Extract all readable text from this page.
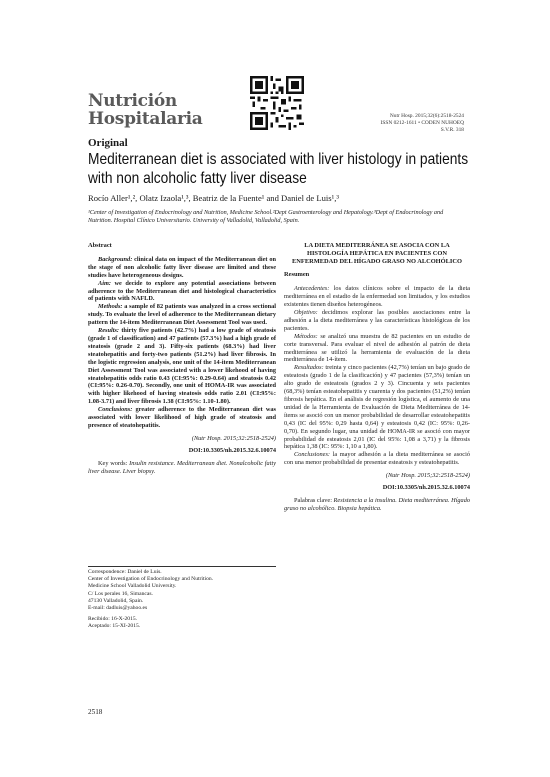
Nutrición
Hospitalaria	Nutr Hosp. 2015;32(6):2518-2524
ISSN 0212-1611 • CODEN NUHOEQ
S.V.R. 318
Original
Mediterranean diet is associated with liver histology in patients with non alcoholic fatty liver disease
Rocío Aller¹,², Olatz Izaola¹,³, Beatriz de la Fuente¹ and Daniel de Luis¹,³
¹Center of Investigation of Endocrinology and Nutrition, Medicine School.²Dept Gastroenterology and Hepatology.³Dept of Endocrinology and Nutrition. Hospital Clínico Universitario. University of Valladolid, Valladolid, Spain.

Abstract

Background: clinical data on impact of the Mediterranean diet on the stage of non alcoholic fatty liver disease are limited and these studies have heterogeneous designs.

Aim: we decide to explore any potential associations between adherence to the Mediterranean diet and histological characteristics of patients with NAFLD.

Methods: a sample of 82 patients was analyzed in a cross sectional study. To evaluate the level of adherence to the Mediterranean dietary pattern the 14-item Mediterranean Diet Assessment Tool was used.

Results: thirty five patients (42.7%) had a low grade of steatosis (grade 1 of classification) and 47 patients (57.3%) had a high grade of steatosis (grade 2 and 3). Fifty-six patients (68.3%) had liver steatohepatitis and forty-two patients (51.2%) had liver fibrosis. In the logistic regression analysis, one unit of the 14-item Mediterranean Diet Assessment Tool was associated with a lower likehood of having steatohepatitis odds ratio 0.43 (CI:95%: 0.29-0.64) and steatosis 0.42 (CI:95%: 0.26-0.70). Secondly, one unit of HOMA-IR was associated with higher likehood of having steatosis odds ratio 2.01 (CI:95%: 1.08-3.71) and liver fibrosis 1.38 (CI:95%: 1.10-1.80).

Conclusions: greater adherence to the Mediterranean diet was associated with lower likelihood of high grade of steatosis and presence of steatohepatitis.

(Nutr Hosp. 2015;32:2518-2524)

DOI:10.3305/nh.2015.32.6.10074

Key words: Insulin resistance. Mediterranean diet. Nonalcoholic fatty liver disease. Liver biopsy.

LA DIETA MEDITERRÁNEA SE ASOCIA CON LA HISTOLOGÍA HEPÁTICA EN PACIENTES CON ENFERMEDAD DEL HÍGADO GRASO NO ALCOHÓLICO

Resumen

Antecedentes: los datos clínicos sobre el impacto de la dieta mediterránea en el estadio de la enfermedad son limitados, y los estudios existentes tienen diseños heterogéneos.

Objetivo: decidimos explorar las posibles asociaciones entre la adhesión a la dieta mediterránea y las características histológicas de los pacientes.

Métodos: se analizó una muestra de 82 pacientes en un estudio de corte transversal. Para evaluar el nivel de adhesión al patrón de dieta mediterránea se utilizó la herramienta de evaluación de la dieta mediterránea de 14-ítem.

Resultados: treinta y cinco pacientes (42,7%) tenían un bajo grado de esteatosis (grado 1 de la clasificación) y 47 pacientes (57,3%) tenían un alto grado de esteatosis (grados 2 y 3). Cincuenta y seis pacientes (68,3%) tenían esteatohepatitis y cuarenta y dos pacientes (51,2%) tenían fibrosis hepática. En el análisis de regresión logística, el aumento de una unidad de la Herramienta de Evaluación de Dieta Mediterránea de 14-ítems se asoció con un menor probabilidad de desarrollar esteatohepatitis 0,43 (IC del 95%: 0,29 hasta 0,64) y esteatosis 0,42 (IC: 95%: 0,26- 0,70). En segundo lugar, una unidad de HOMA-IR se asoció con mayor probabilidad de esteatosis 2,01 (IC del 95%: 1,08 a 3,71) y la fibrosis hepática 1,38 (IC: 95%: 1,10 a 1,80).

Conclusiones: la mayor adhesión a la dieta mediterránea se asoció con una menor probabilidad de presentar esteatosis y esteatohepatitis.

(Nutr Hosp. 2015;32:2518-2524)

DOI:10.3305/nh.2015.32.6.10074

Palabras clave: Resistencia a la insulina. Dieta mediterránea. Hígado graso no alcohólico. Biopsia hepática.

Correspondence: Daniel de Luis.
Center of Investigation of Endocrinology and Nutrition.
Medicine School Valladolid University.
C/ Los perales 16, Simancas.
47130 Valladolid, Spain.
E-mail: dadluis@yahoo.es
Recibido: 16-X-2015.
Aceptado: 15-XI-2015.
2518
